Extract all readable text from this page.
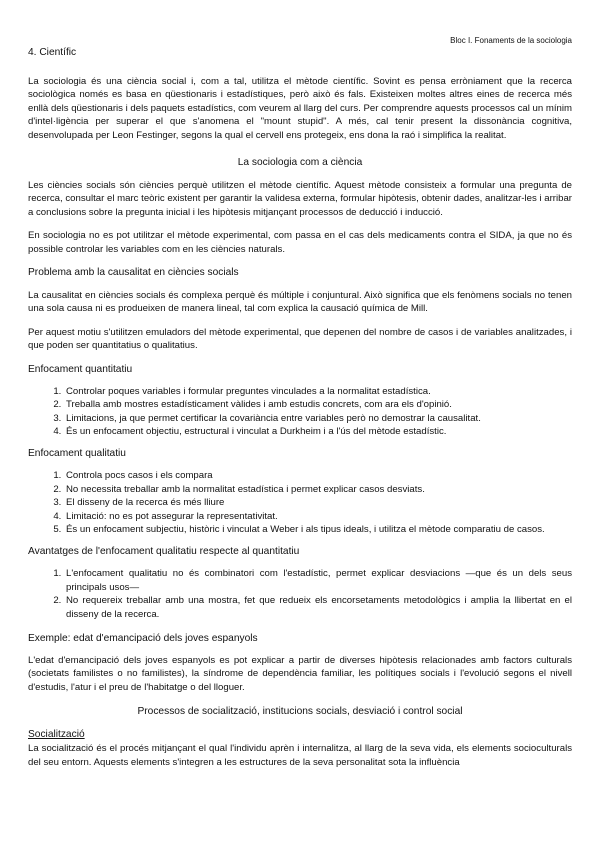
Bloc I. Fonaments de la sociologia
4. Científic

La sociologia és una ciència social i, com a tal, utilitza el mètode científic. Sovint es pensa erròniament que la recerca sociològica només es basa en qüestionaris i estadístiques, però això és fals. Existeixen moltes altres eines de recerca més enllà dels qüestionaris i dels paquets estadístics, com veurem al llarg del curs. Per comprendre aquests processos cal un mínim d'intel·ligència per superar el que s'anomena el "mount stupid". A més, cal tenir present la dissonància cognitiva, desenvolupada per Leon Festinger, segons la qual el cervell ens protegeix, ens dona la raó i simplifica la realitat.

La sociologia com a ciència

Les ciències socials són ciències perquè utilitzen el mètode científic. Aquest mètode consisteix a formular una pregunta de recerca, consultar el marc teòric existent per garantir la validesa externa, formular hipòtesis, obtenir dades, analitzar-les i arribar a conclusions sobre la pregunta inicial i les hipòtesis mitjançant processos de deducció i inducció.

En sociologia no es pot utilitzar el mètode experimental, com passa en el cas dels medicaments contra el SIDA, ja que no és possible controlar les variables com en les ciències naturals.

Problema amb la causalitat en ciències socials

La causalitat en ciències socials és complexa perquè és múltiple i conjuntural. Això significa que els fenòmens socials no tenen una sola causa ni es produeixen de manera lineal, tal com explica la causació química de Mill.

Per aquest motiu s'utilitzen emuladors del mètode experimental, que depenen del nombre de casos i de variables analitzades, i que poden ser quantitatius o qualitatius.

Enfocament quantitatiu
1. Controlar poques variables i formular preguntes vinculades a la normalitat estadística.
2. Treballa amb mostres estadísticament vàlides i amb estudis concrets, com ara els d'opinió.
3. Limitacions, ja que permet certificar la covariància entre variables però no demostrar la causalitat.
4. És un enfocament objectiu, estructural i vinculat a Durkheim i a l'ús del mètode estadístic.
Enfocament qualitatiu
1. Controla pocs casos i els compara
2. No necessita treballar amb la normalitat estadística i permet explicar casos desviats.
3. El disseny de la recerca és més lliure
4. Limitació: no es pot assegurar la representativitat.
5. És un enfocament subjectiu, històric i vinculat a Weber i als tipus ideals, i utilitza el mètode comparatiu de casos.
Avantatges de l'enfocament qualitatiu respecte al quantitatiu
1. L'enfocament qualitatiu no és combinatori com l'estadístic, permet explicar desviacions —que és un dels seus principals usos—
2. No requereix treballar amb una mostra, fet que redueix els encorsetaments metodològics i amplia la llibertat en el disseny de la recerca.
Exemple: edat d'emancipació dels joves espanyols

L'edat d'emancipació dels joves espanyols es pot explicar a partir de diverses hipòtesis relacionades amb factors culturals (societats familistes o no familistes), la síndrome de dependència familiar, les polítiques socials i l'evolució segons el nivell d'estudis, l'atur i el preu de l'habitatge o del lloguer.

Processos de socialització, institucions socials, desviació i control social
Socialització

La socialització és el procés mitjançant el qual l'individu aprèn i internalitza, al llarg de la seva vida, els elements socioculturals del seu entorn. Aquests elements s'integren a les estructures de la seva personalitat sota la influència
